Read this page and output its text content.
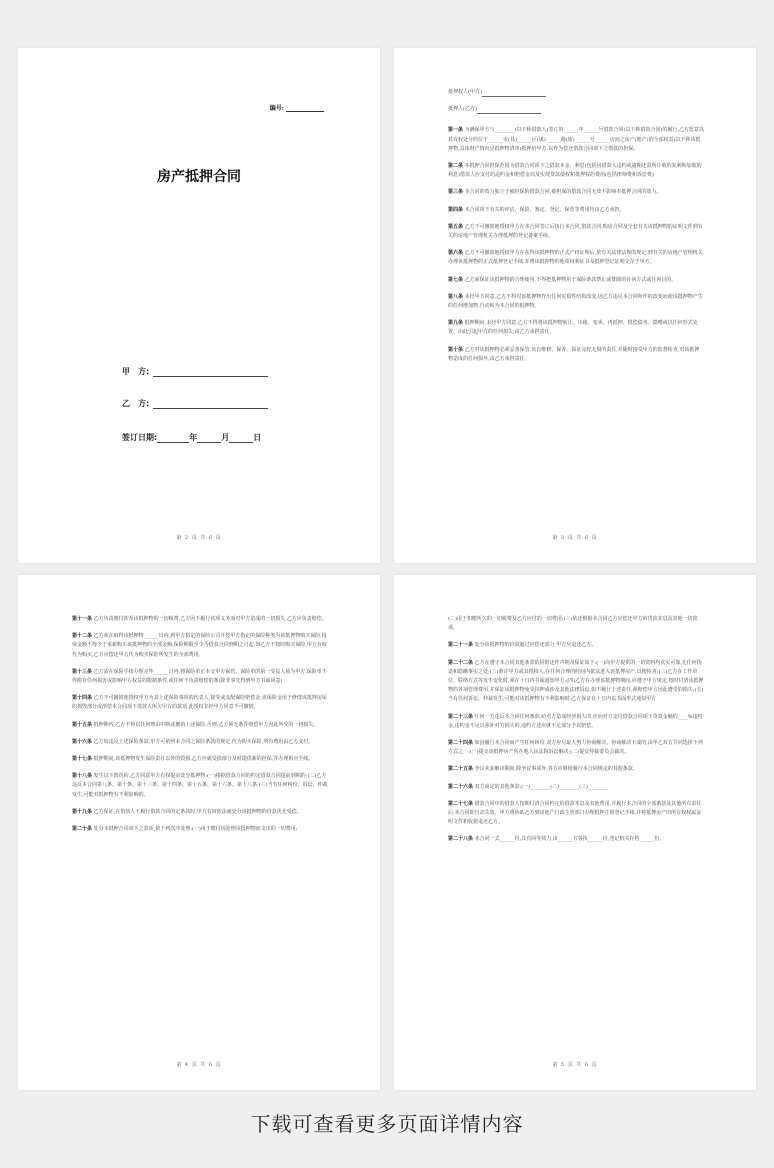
编号:
房产抵押合同
甲　方:
乙　方:
签订日期:	年	月	日
第 2 页 共 6 页

抵押权人(甲方)

抵押人(乙方)

第一条 为确保甲方与________(以下称借款人)签订的______年______号借款合同(以下称借款合同)的履行,乙方愿意以其有权处分的位于______市(县)______区(镇)______路(街)______号______房间之房产(地产)的全部权益(以下称该抵押物,具体财产情况见抵押物清单)抵押给甲方,以作为偿还借款合同项下之借款的担保。

第二条 本抵押合同担保范围为借款合同项下之借款本金、利息(包括因借款人违约或逾期还款所计收的复利和加收的利息)借款人应支付的违约金和赔偿金以及实现贷款债权和抵押权的费用(包括律师费和诉讼费)

第三条 本合同的效力独立于被担保的借款合同,被担保的借款合同无效不影响本抵押合同的效力。

第四条 本合同项下有关的评估、保险、鉴定、登记、保管等费用均由乙方承担。

第五条 乙方不可撤销地授权甲方在本合同签订后执行本合同,借款合同,购房合同及全套有关该抵押物的证明文件到有关的房地产管理机关办理抵押的登记备案手续。

第六条 乙方不可撤销地授权甲方在获得该抵押物的正式产权证明后,依有关法律法规的规定,到有关的房地产管理机关办理该抵押物的正式抵押登记手续,并将该抵押物的他项权利证书及抵押登记证明交存于甲方。

第七条 乙方须保证该抵押物的合理使用,不得把抵押物用于保险条款禁止或排除的任何方式或任何目的。

第八条 未经甲方同意,乙方不得对该抵押物作出任何实质性结构改变,因乙方违反本合同所作的改变而使该抵押物产生的任何增加物,自动转为本合同的抵押物。

第九条 抵押期间,未经甲方同意,乙方不得将该抵押物转让、出租、变卖、再抵押、抵偿债务、馈赠或以任何形式处置。由此引起甲方的任何损失,由乙方承担责任。

第十条 乙方对该抵押物必须妥善保管,负有维修、保养、保证完好无损的责任,并随时接受甲方的监督检查,对该抵押物造成的任何损坏,由乙方承担责任。

第 3 页 共 6 页

第十一条 乙方负责缴付涉及该抵押物的一切税费,乙方因不履行该项义务而对甲方造成的一切损失,乙方应负责赔偿。

第十二条 乙方须在取得该抵押物______日内,到甲方指定的保险公司并按甲方指定的保险种类为该抵押物购买保险,投保金额不得少于重新购买该抵押物的全部金额;保险期限至少为借款合同到期之日起,如乙方不按时购买保险,甲方有权代为购买,乙方应偿还甲方代为购买保险所发生的全部费用。

第十三条 乙方需在保险手续办理完毕______日内,将保险单正本交甲方保管。保险单的第一受益人须为甲方,保险单不得附有任何损害或影响甲方权益的限制条件,或任何不负责赔偿的条(除非事先得到甲方书面同意)

第十四条 乙方不可撤销地授权甲方为其上述保险事项的代表人,接受或支配保险赔偿金;该保险金用于修缮该抵押房屋的损毁部分或清偿本合同项下借款人所欠甲方的款项,此授权非经甲方同意不可撤销。

第十五条 抵押期内,乙方不得以任何理由中断或撤销上述保险,否则,乙方须无条件赔偿甲方因此所受的一切损失。

第十六条 乙方如违反上述保险条款,甲方可依照本合同之保险条款的规定,代为购买保险,所有费用由乙方支付。

第十七条 抵押期间,该抵押物发生保险责任以外的毁损,乙方应就受损部分及时提供新的担保,并办理相应手续。

第十八条 发生以下情况的,乙方同意甲方有权提前处分抵押物:(一)根据借款合同的约定借款合同提前到期的;(二)乙方违反本合同第八条、第十条、第十三条、第十四条、第十五条、第十六条、第十八条;(三)当有任何纠纷、诉讼、仲裁发生,可能对抵押物有不利影响的。

第十九条 乙方保证,在借款人不履行借款合同的定条款时,甲方有权依法就处分该抵押物的价款优先受偿。

第二十条 处分本抵押合同项下之款项,依下列次序处理:(一)用于缴付因处理该抵押物而支出的一切费用;

第 4 页 共 6 页

(二)用于扣缴所欠的一切税费及乙方应付的一切费用;(三)依还根据本合同乙方应偿还甲方的贷款本息及其他一切款项。

第二十一条 处分该抵押物的价款超过应偿还部分,甲方应退还乙方。

第二十二条 乙方在遵守本合同其他条款的同时还作声明及保证如下:(一)向甲方提供的一切资料均真实可靠,无任何伪造和隐瞒事实之处;(二)准许甲方或其授权人,在任何合理的时间内依法进入该抵押房产,以便检查;(三)乙方在工作单位、联络方式等发生变化时,须在十日内书面通知甲方;(四)乙方在办理该抵押物期间,应遵守甲方规定,按时付清该抵押物的各项管理费用,并保证该抵押物免受扣押或涉及其他法律诉讼,如不履行上述责任,须赔偿甲方因此遭受的损失;(五)当有任何诉讼、仲裁发生,可能对该抵押物有不利影响时,乙方保证在十日内以书面形式通知甲方

第二十三条 任何一方违反本合同任何条款,给对方造成经济损失的,应向对方支付借款合同项下贷款金额的____%违约金,违约金不足以弥补对方损失的,违约方还应就不足部分予以赔偿。

第二十四条 如因履行本合同而产生任何纠纷,双方应尽最大努力协商解决。协商解决不成的,由甲乙双方共同选择下列方式之一:(一)提交该抵押房产所在地人民法院诉讼解决;(二)提交仲裁委员会裁决。

第二十五条 争议未获解决期间,除争议事项外,各方应继续履行本合同规定的其他条款。

第二十六条 双方商定的其他条款:(一)________(二)________(三)________

第二十七条 借款合同中的借款人按期付清合同约定的借款本息及其他费用,并履行本合同的全部条款及其他所有责任后,本合同即自动失效。甲方将协助乙方到房地产行政主管部门办理抵押注销登记手续,并将抵押房产的所有权权属证明文件和收据退还乙方。

第二十八条 本合同一式______份,具有同等效力,由______方各执______份,登记机关存档______份。

第 5 页 共 6 页
下载可查看更多页面详情内容
